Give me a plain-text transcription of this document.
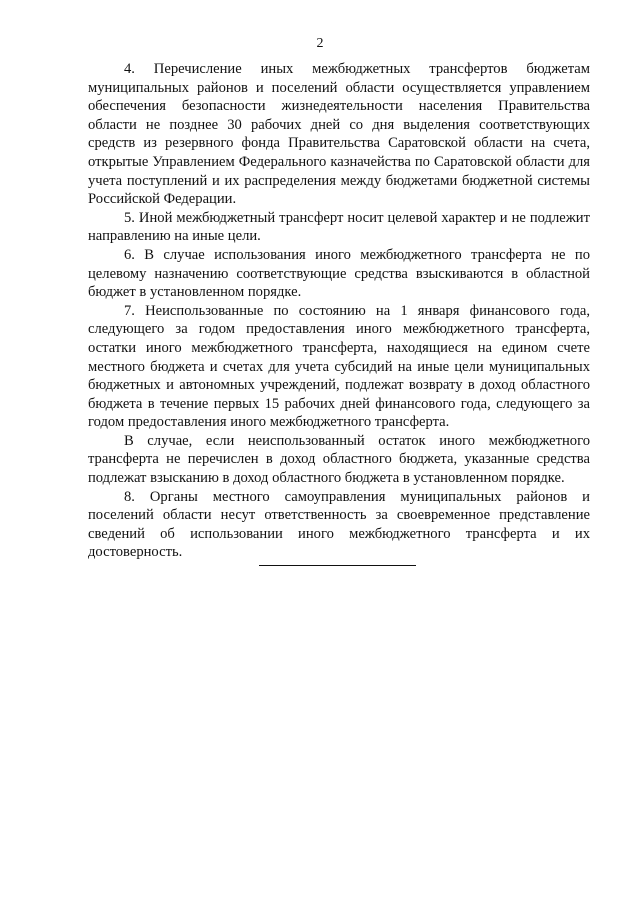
2

4. Перечисление иных межбюджетных трансфертов бюджетам муниципальных районов и поселений области осуществляется управлением обеспечения безопасности жизнедеятельности населения Правительства области не позднее 30 рабочих дней со дня выделения соответствующих средств из резервного фонда Правительства Саратовской области на счета, открытые Управлением Федерального казначейства по Саратовской области для учета поступлений и их распределения между бюджетами бюджетной системы Российской Федерации.

5. Иной межбюджетный трансферт носит целевой характер и не подлежит направлению на иные цели.

6. В случае использования иного межбюджетного трансферта не по целевому назначению соответствующие средства взыскиваются в областной бюджет в установленном порядке.

7. Неиспользованные по состоянию на 1 января финансового года, следующего за годом предоставления иного межбюджетного трансферта, остатки иного межбюджетного трансферта, находящиеся на едином счете местного бюджета и счетах для учета субсидий на иные цели муниципальных бюджетных и автономных учреждений, подлежат возврату в доход областного бюджета в течение первых 15 рабочих дней финансового года, следующего за годом предоставления иного межбюджетного трансферта.

В случае, если неиспользованный остаток иного межбюджетного трансферта не перечислен в доход областного бюджета, указанные средства подлежат взысканию в доход областного бюджета в установленном порядке.

8. Органы местного самоуправления муниципальных районов и поселений области несут ответственность за своевременное представление сведений об использовании иного межбюджетного трансферта и их достоверность.
